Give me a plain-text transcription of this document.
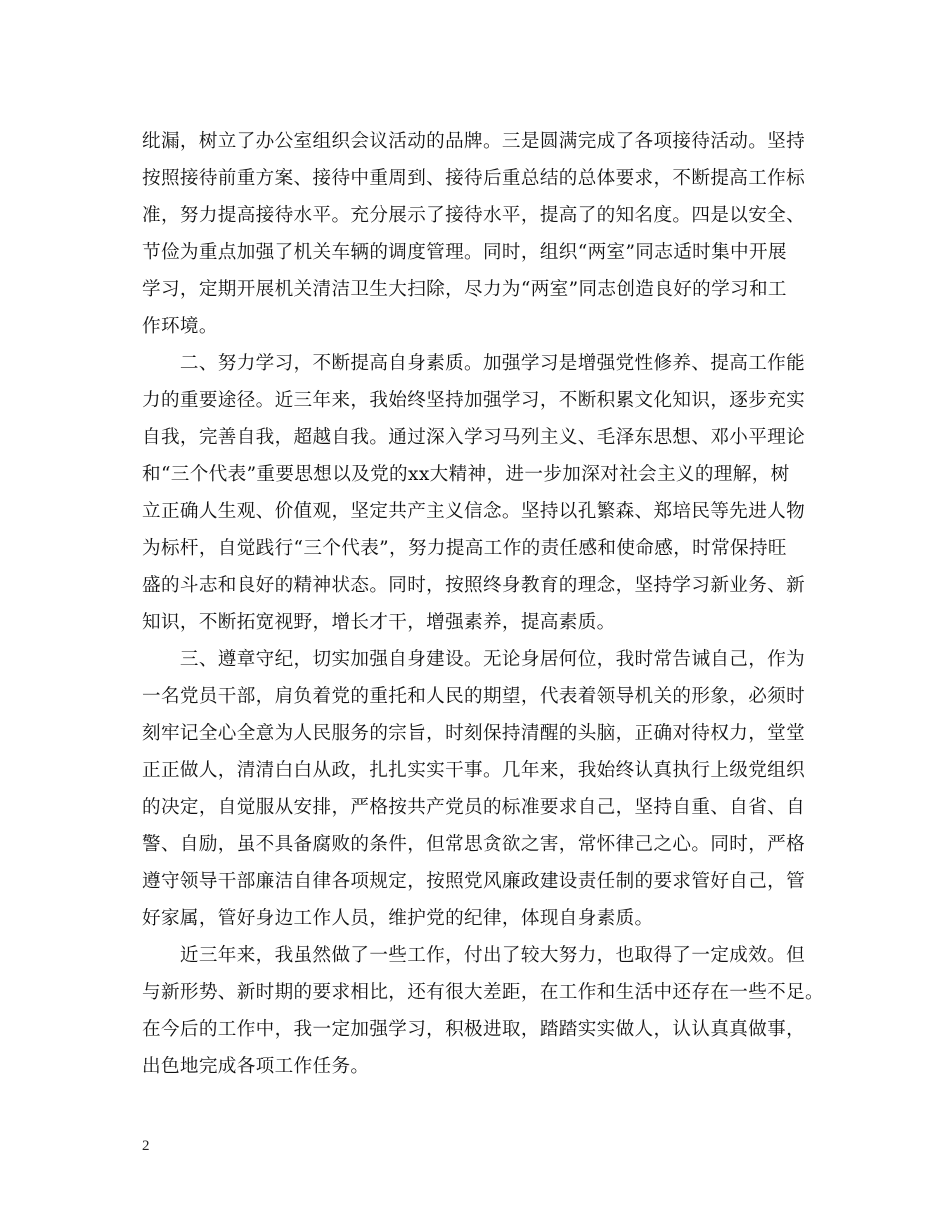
纰漏，树立了办公室组织会议活动的品牌。三是圆满完成了各项接待活动。坚持
按照接待前重方案、接待中重周到、接待后重总结的总体要求，不断提高工作标
准，努力提高接待水平。充分展示了接待水平，提高了的知名度。四是以安全、
节俭为重点加强了机关车辆的调度管理。同时，组织“两室”同志适时集中开展
学习，定期开展机关清洁卫生大扫除，尽力为“两室”同志创造良好的学习和工
作环境。
　　二、努力学习，不断提高自身素质。加强学习是增强党性修养、提高工作能
力的重要途径。近三年来，我始终坚持加强学习，不断积累文化知识，逐步充实
自我，完善自我，超越自我。通过深入学习马列主义、毛泽东思想、邓小平理论
和“三个代表”重要思想以及党的xx大精神，进一步加深对社会主义的理解，树
立正确人生观、价值观，坚定共产主义信念。坚持以孔繁森、郑培民等先进人物
为标杆，自觉践行“三个代表”，努力提高工作的责任感和使命感，时常保持旺
盛的斗志和良好的精神状态。同时，按照终身教育的理念，坚持学习新业务、新
知识，不断拓宽视野，增长才干，增强素养，提高素质。
　　三、遵章守纪，切实加强自身建设。无论身居何位，我时常告诫自己，作为
一名党员干部，肩负着党的重托和人民的期望，代表着领导机关的形象，必须时
刻牢记全心全意为人民服务的宗旨，时刻保持清醒的头脑，正确对待权力，堂堂
正正做人，清清白白从政，扎扎实实干事。几年来，我始终认真执行上级党组织
的决定，自觉服从安排，严格按共产党员的标准要求自己，坚持自重、自省、自
警、自励，虽不具备腐败的条件，但常思贪欲之害，常怀律己之心。同时，严格
遵守领导干部廉洁自律各项规定，按照党风廉政建设责任制的要求管好自己，管
好家属，管好身边工作人员，维护党的纪律，体现自身素质。
　　近三年来，我虽然做了一些工作，付出了较大努力，也取得了一定成效。但
与新形势、新时期的要求相比，还有很大差距，在工作和生活中还存在一些不足。
在今后的工作中，我一定加强学习，积极进取，踏踏实实做人，认认真真做事，
出色地完成各项工作任务。
2
